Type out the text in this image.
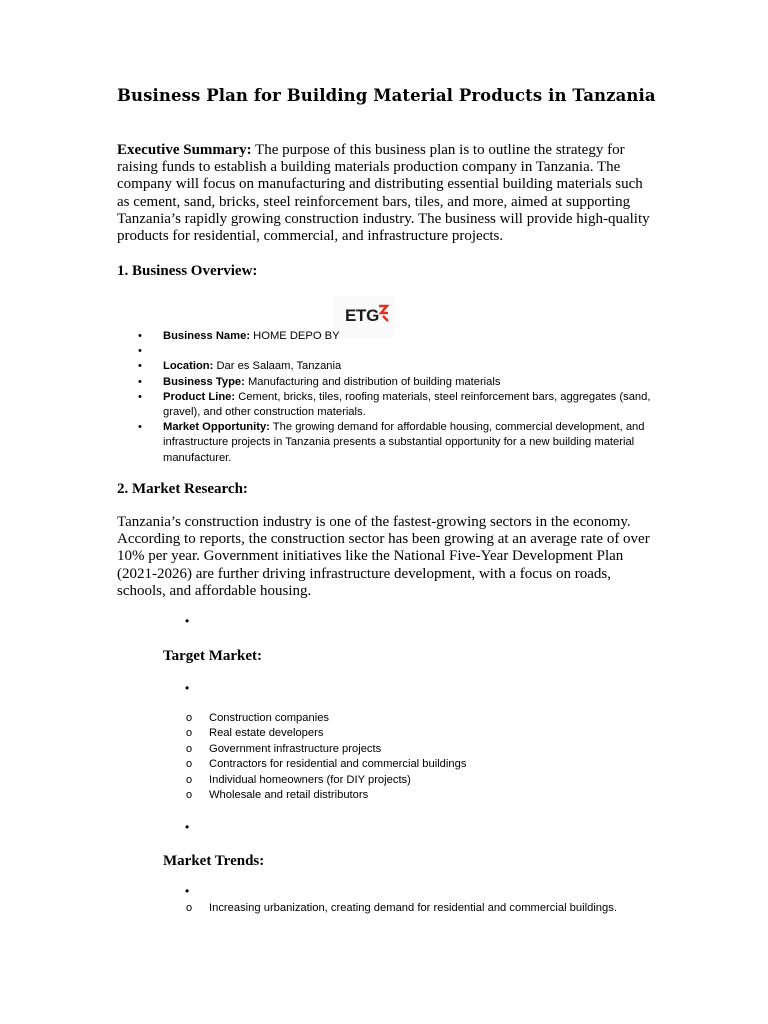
Business Plan for Building Material Products in Tanzania

Executive Summary: The purpose of this business plan is to outline the strategy for raising funds to establish a building materials production company in Tanzania. The company will focus on manufacturing and distributing essential building materials such as cement, sand, bricks, steel reinforcement bars, tiles, and more, aimed at supporting Tanzania’s rapidly growing construction industry. The business will provide high-quality products for residential, commercial, and infrastructure projects.

1. Business Overview:
ETG
• Business Name: HOME DEPO BY
•

• Location: Dar es Salaam, Tanzania
• Business Type: Manufacturing and distribution of building materials
• Product Line: Cement, bricks, tiles, roofing materials, steel reinforcement bars, aggregates (sand, gravel), and other construction materials.
• Market Opportunity: The growing demand for affordable housing, commercial development, and infrastructure projects in Tanzania presents a substantial opportunity for a new building material manufacturer.
2. Market Research:

Tanzania’s construction industry is one of the fastest-growing sectors in the economy. According to reports, the construction sector has been growing at an average rate of over 10% per year. Government initiatives like the National Five-Year Development Plan (2021-2026) are further driving infrastructure development, with a focus on roads, schools, and affordable housing.

•
Target Market:
•
o Construction companies
o Real estate developers
o Government infrastructure projects
o Contractors for residential and commercial buildings
o Individual homeowners (for DIY projects)
o Wholesale and retail distributors
•
Market Trends:
•
o Increasing urbanization, creating demand for residential and commercial buildings.
